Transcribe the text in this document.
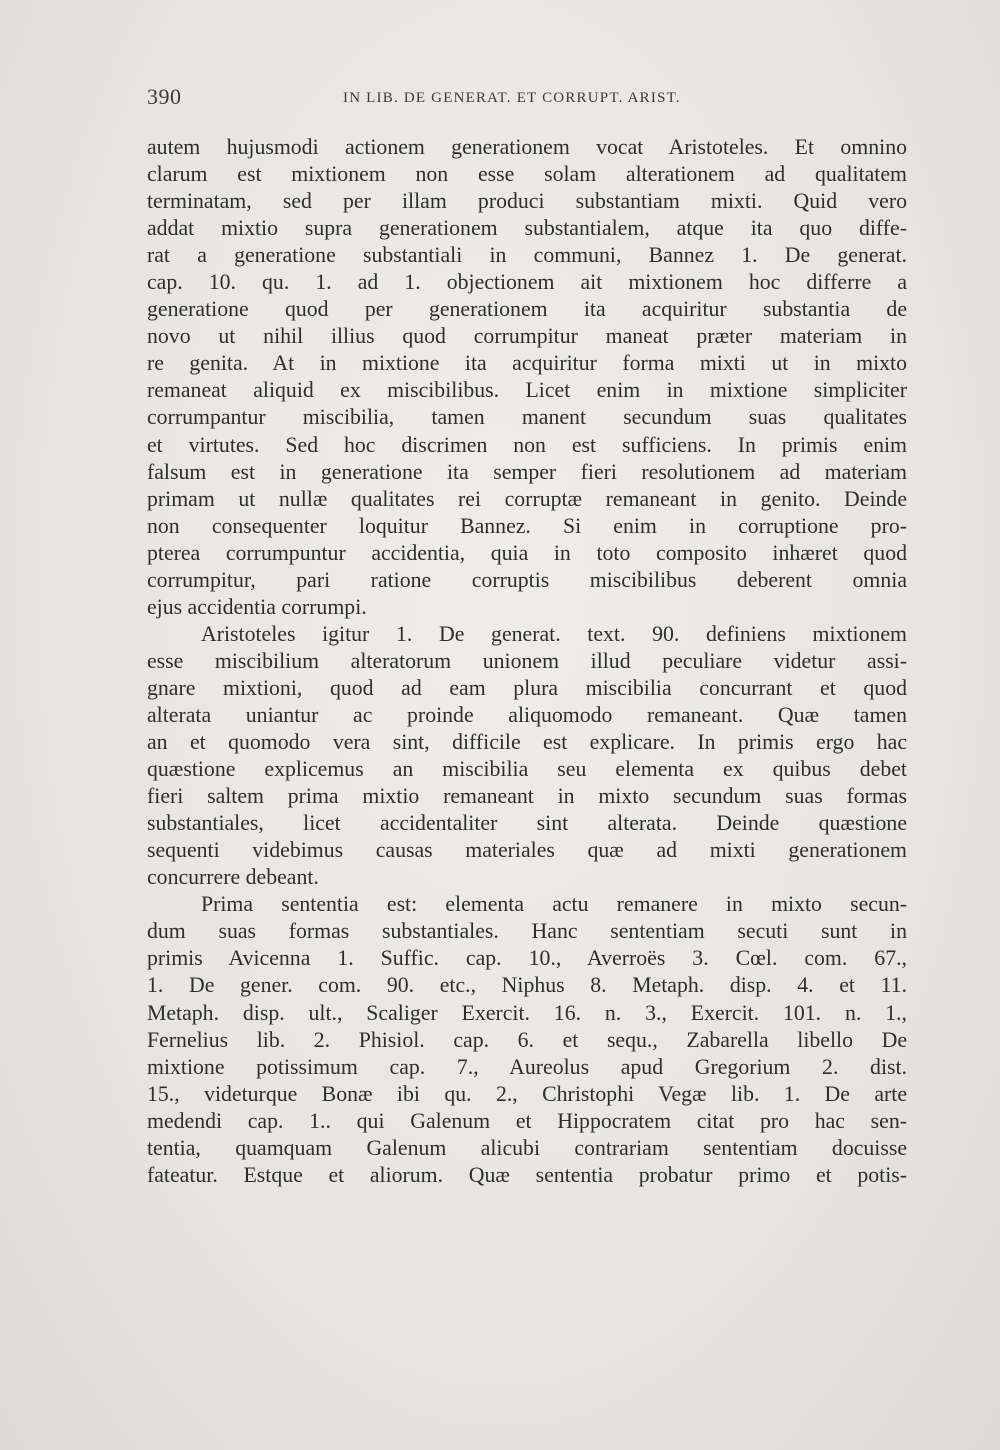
390	IN LIB. DE GENERAT. ET CORRUPT. ARIST.
autem hujusmodi actionem generationem vocat Aristoteles. Et omnino
clarum est mixtionem non esse solam alterationem ad qualitatem
terminatam, sed per illam produci substantiam mixti. Quid vero
addat mixtio supra generationem substantialem, atque ita quo diffe-
rat a generatione substantiali in communi, Bannez 1. De generat.
cap. 10. qu. 1. ad 1. objectionem ait mixtionem hoc differre a
generatione quod per generationem ita acquiritur substantia de
novo ut nihil illius quod corrumpitur maneat præter materiam in
re genita. At in mixtione ita acquiritur forma mixti ut in mixto
remaneat aliquid ex miscibilibus. Licet enim in mixtione simpliciter
corrumpantur miscibilia, tamen manent secundum suas qualitates
et virtutes. Sed hoc discrimen non est sufficiens. In primis enim
falsum est in generatione ita semper fieri resolutionem ad materiam
primam ut nullæ qualitates rei corruptæ remaneant in genito. Deinde
non consequenter loquitur Bannez. Si enim in corruptione pro-
pterea corrumpuntur accidentia, quia in toto composito inhæret quod
corrumpitur, pari ratione corruptis miscibilibus deberent omnia
ejus accidentia corrumpi.
Aristoteles igitur 1. De generat. text. 90. definiens mixtionem
esse miscibilium alteratorum unionem illud peculiare videtur assi-
gnare mixtioni, quod ad eam plura miscibilia concurrant et quod
alterata uniantur ac proinde aliquomodo remaneant. Quæ tamen
an et quomodo vera sint, difficile est explicare. In primis ergo hac
quæstione explicemus an miscibilia seu elementa ex quibus debet
fieri saltem prima mixtio remaneant in mixto secundum suas formas
substantiales, licet accidentaliter sint alterata. Deinde quæstione
sequenti videbimus causas materiales quæ ad mixti generationem
concurrere debeant.
Prima sententia est: elementa actu remanere in mixto secun-
dum suas formas substantiales. Hanc sententiam secuti sunt in
primis Avicenna 1. Suffic. cap. 10., Averroës 3. Cœl. com. 67.,
1. De gener. com. 90. etc., Niphus 8. Metaph. disp. 4. et 11.
Metaph. disp. ult., Scaliger Exercit. 16. n. 3., Exercit. 101. n. 1.,
Fernelius lib. 2. Phisiol. cap. 6. et sequ., Zabarella libello De
mixtione potissimum cap. 7., Aureolus apud Gregorium 2. dist.
15., videturque Bonæ ibi qu. 2., Christophi Vegæ lib. 1. De arte
medendi cap. 1.. qui Galenum et Hippocratem citat pro hac sen-
tentia, quamquam Galenum alicubi contrariam sententiam docuisse
fateatur. Estque et aliorum. Quæ sententia probatur primo et potis-
